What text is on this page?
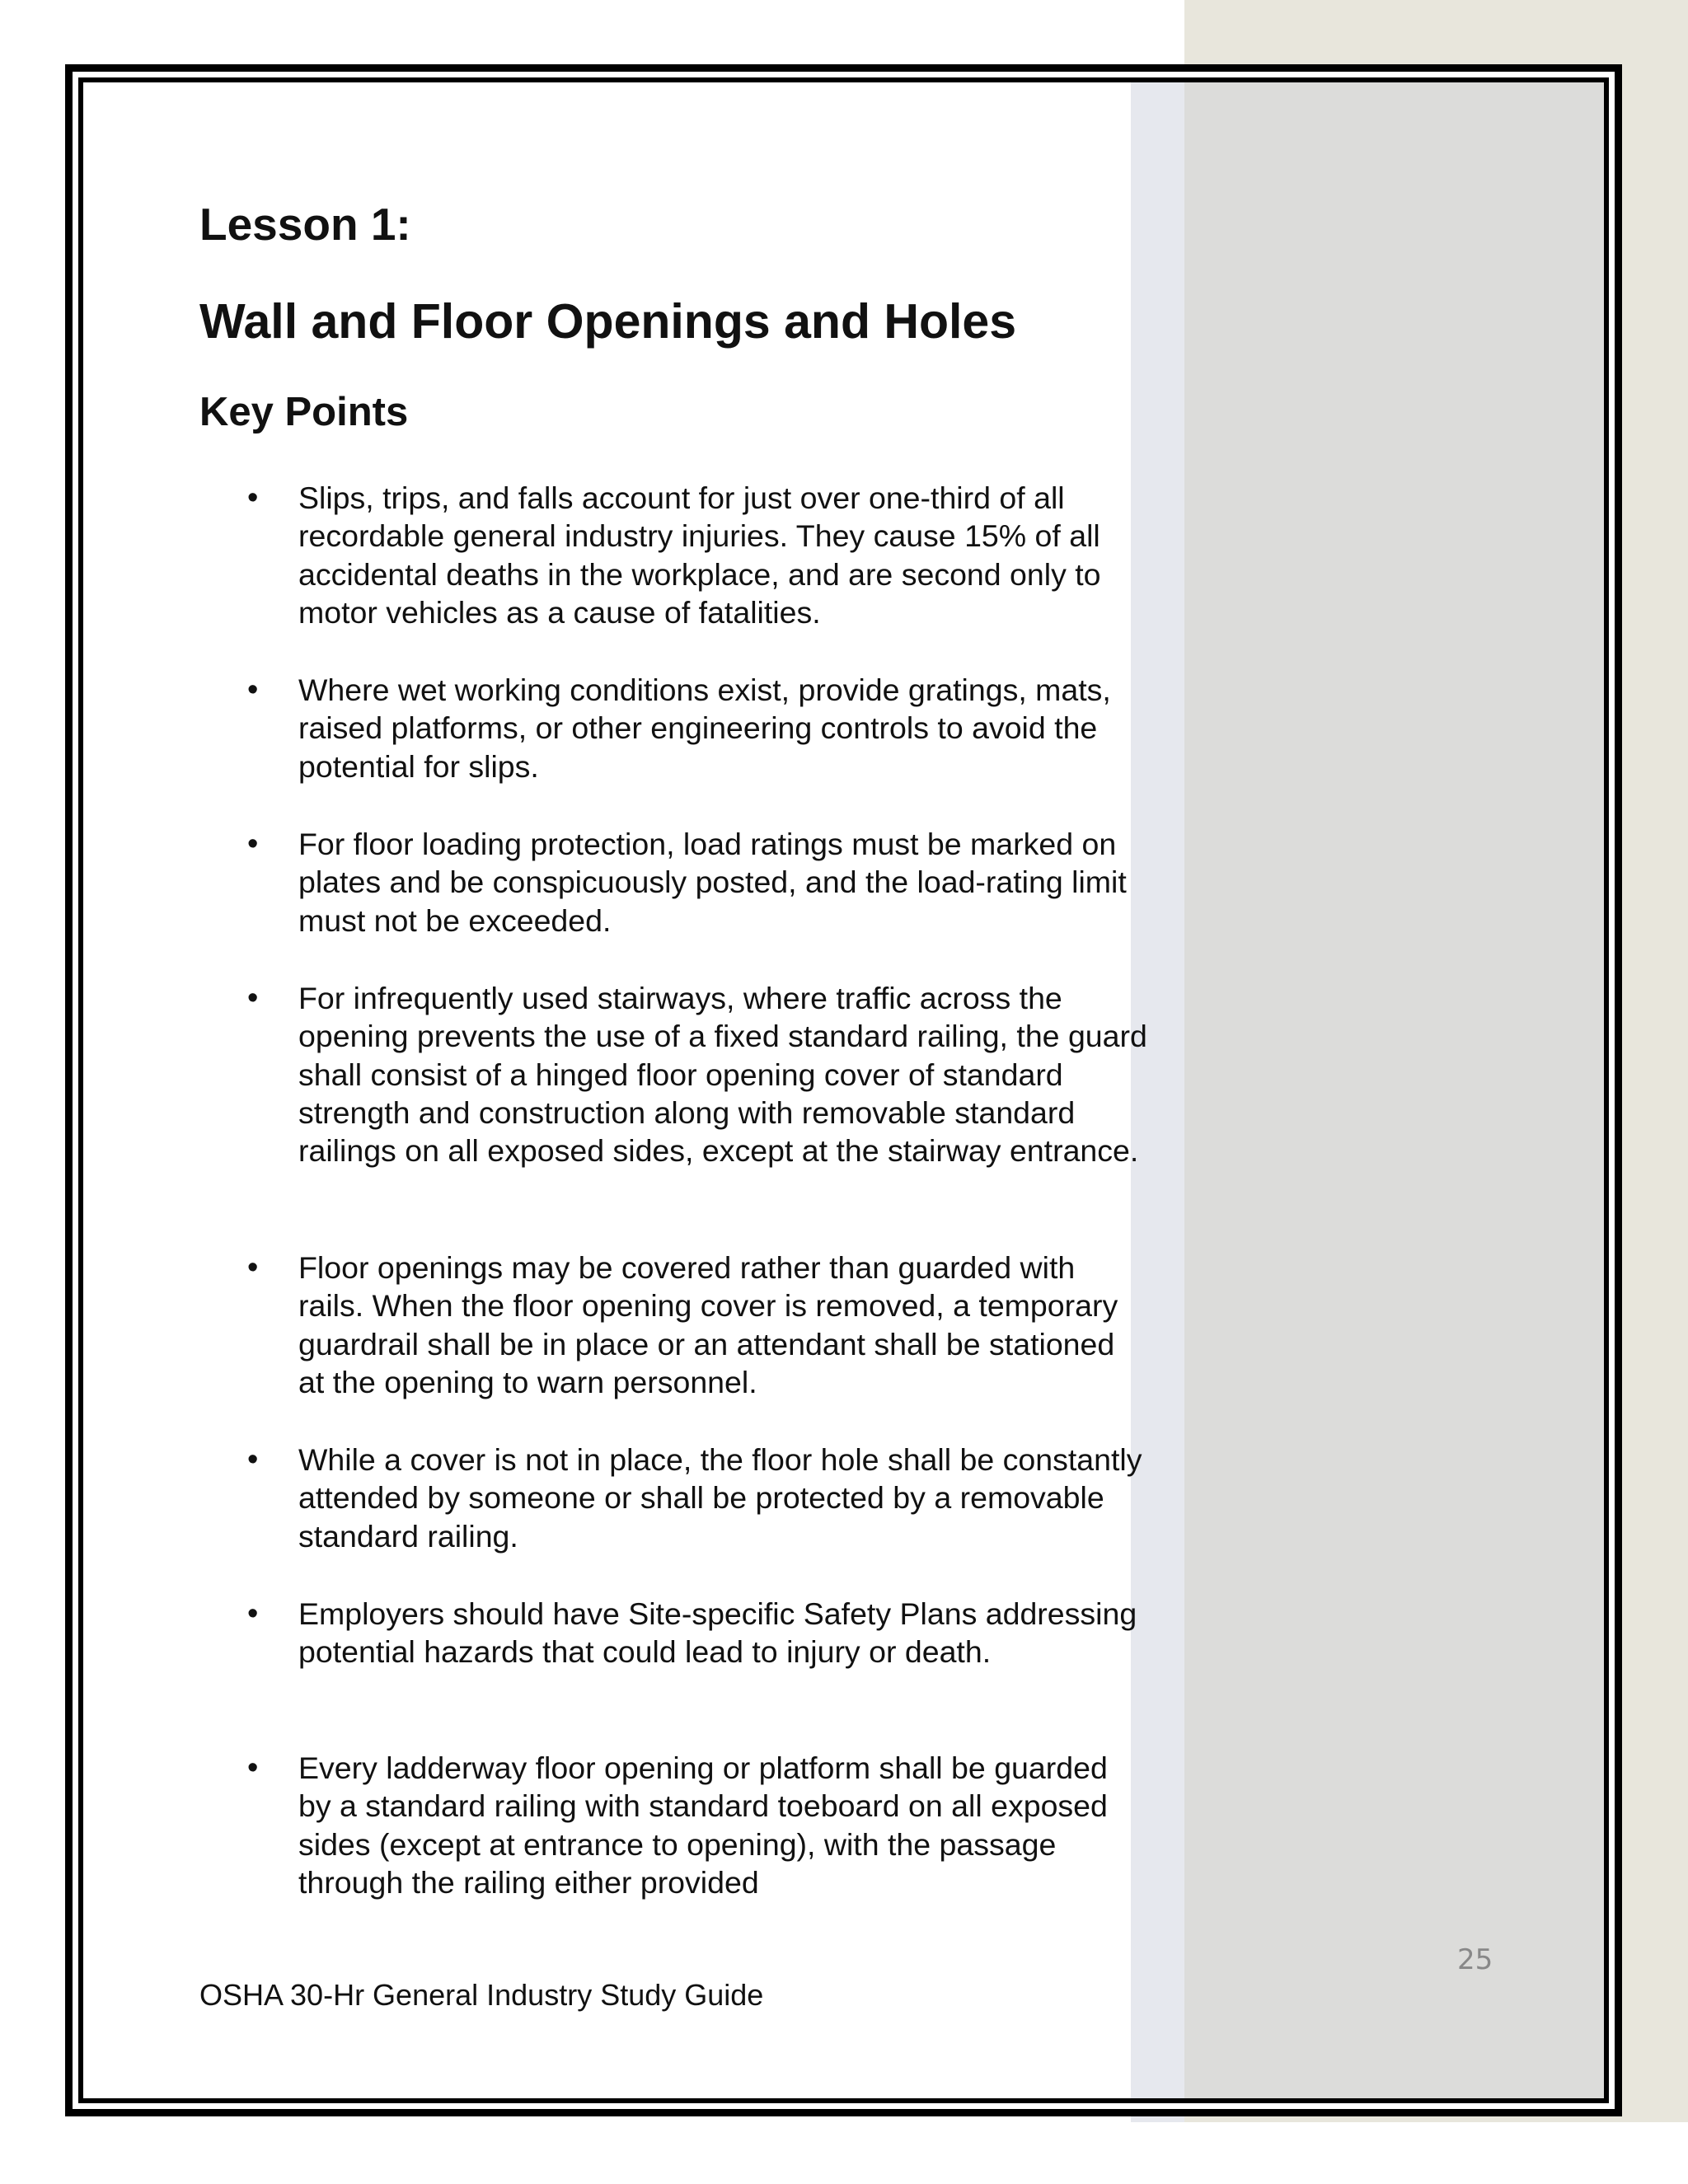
Lesson 1:
Wall and Floor Openings and Holes
Key Points
• Slips, trips, and falls account for just over one-third of all recordable general industry injuries. They cause 15% of all accidental deaths in the workplace, and are second only to motor vehicles as a cause of fatalities.
• Where wet working conditions exist, provide gratings, mats, raised platforms, or other engineering controls to avoid the potential for slips.
• For floor loading protection, load ratings must be marked on plates and be conspicuously posted, and the load-rating limit must not be exceeded.
• For infrequently used stairways, where traffic across the opening prevents the use of a fixed standard railing, the guard shall consist of a hinged floor opening cover of standard strength and construction along with removable standard railings on all exposed sides, except at the stairway entrance.
• Floor openings may be covered rather than guarded with rails. When the floor opening cover is removed, a temporary guardrail shall be in place or an attendant shall be stationed at the opening to warn personnel.
• While a cover is not in place, the floor hole shall be constantly attended by someone or shall be protected by a removable standard railing.
• Employers should have Site-specific Safety Plans addressing potential hazards that could lead to injury or death.
• Every ladderway floor opening or platform shall be guarded by a standard railing with standard toeboard on all exposed sides (except at entrance to opening), with the passage through the railing either provided
25
OSHA 30-Hr General Industry Study Guide
